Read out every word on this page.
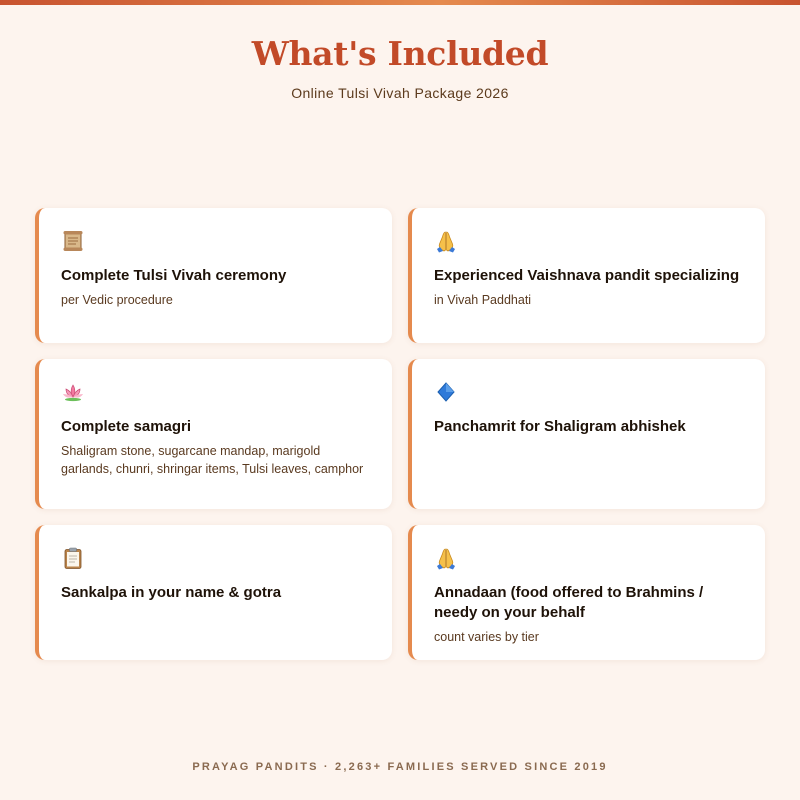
What's Included
Online Tulsi Vivah Package 2026
Complete Tulsi Vivah ceremony
per Vedic procedure
Experienced Vaishnava pandit specializing
in Vivah Paddhati
Complete samagri
Shaligram stone, sugarcane mandap, marigold garlands, chunri, shringar items, Tulsi leaves, camphor
Panchamrit for Shaligram abhishek
Sankalpa in your name & gotra	Annadaan (food offered to Brahmins / needy on your behalf
count varies by tier
PRAYAG PANDITS · 2,263+ FAMILIES SERVED SINCE 2019
